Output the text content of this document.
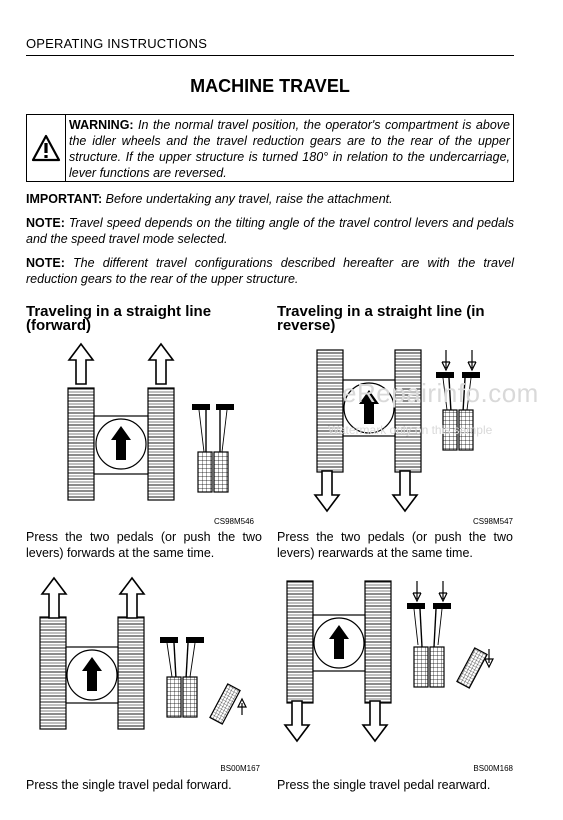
OPERATING INSTRUCTIONS
MACHINE TRAVEL
WARNING: In the normal travel position, the operator's compartment is above the idler wheels and the travel reduction gears are to the rear of the upper structure. If the upper structure is turned 180° in relation to the undercarriage, lever functions are reversed.
IMPORTANT: Before undertaking any travel, raise the attachment.
NOTE: Travel speed depends on the tilting angle of the travel control levers and pedals and the speed travel mode selected.
NOTE: The different travel configurations described hereafter are with the travel reduction gears to the rear of the upper structure.
Traveling in a straight line (forward)
Traveling in a straight line (in reverse)
CS98M546	CS98M547
eRepairinfo.com
Watermark only on this sample
Press the two pedals (or push the two levers) forwards at the same time.
Press the two pedals (or push the two levers) rearwards at the same time.
BS00M167	BS00M168
Press the single travel pedal forward.	Press the single travel pedal rearward.
